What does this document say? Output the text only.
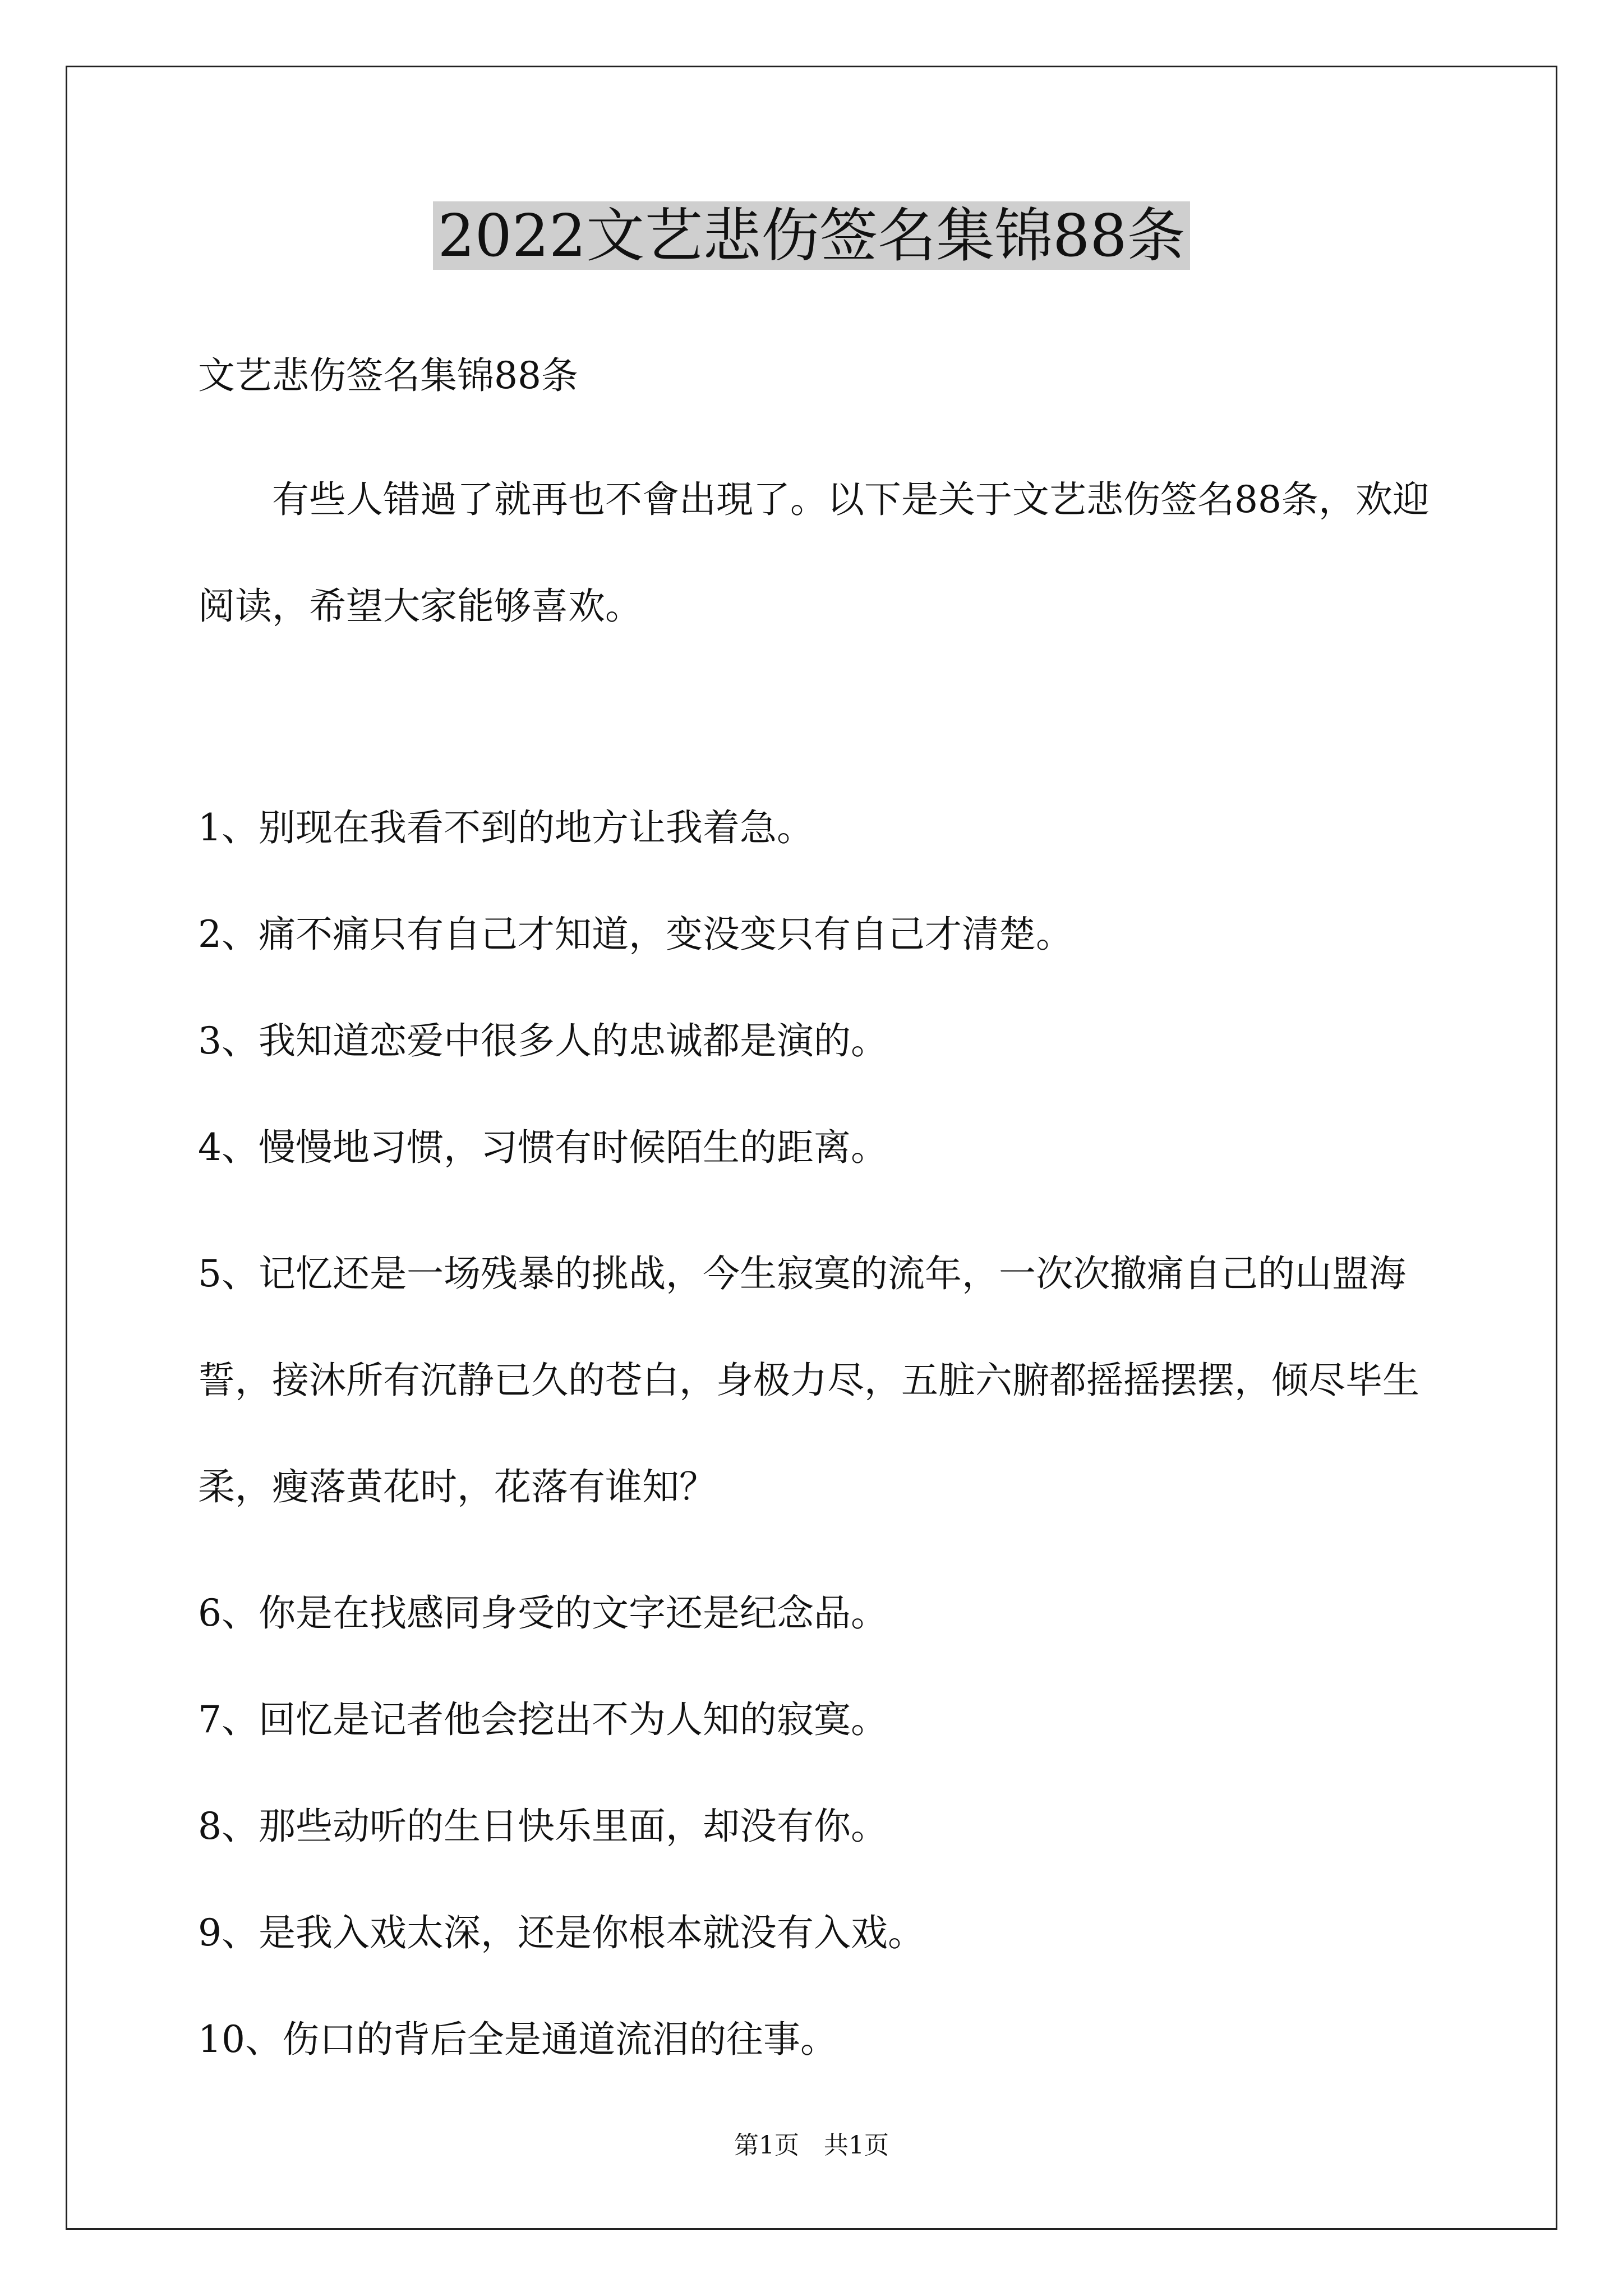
2022文艺悲伤签名集锦88条

文艺悲伤签名集锦88条

有些人错過了就再也不會出現了。以下是关于文艺悲伤签名88条，欢迎阅读，希望大家能够喜欢。

1、别现在我看不到的地方让我着急。

2、痛不痛只有自己才知道，变没变只有自己才清楚。

3、我知道恋爱中很多人的忠诚都是演的。

4、慢慢地习惯，习惯有时候陌生的距离。

5、记忆还是一场残暴的挑战，今生寂寞的流年，一次次撤痛自己的山盟海誓，接沐所有沉静已久的苍白，身极力尽，五脏六腑都摇摇摆摆，倾尽毕生柔，瘦落黄花时，花落有谁知？

6、你是在找感同身受的文字还是纪念品。

7、回忆是记者他会挖出不为人知的寂寞。

8、那些动听的生日快乐里面，却没有你。

9、是我入戏太深，还是你根本就没有入戏。

10、伤口的背后全是通道流泪的往事。

第1页 共1页
